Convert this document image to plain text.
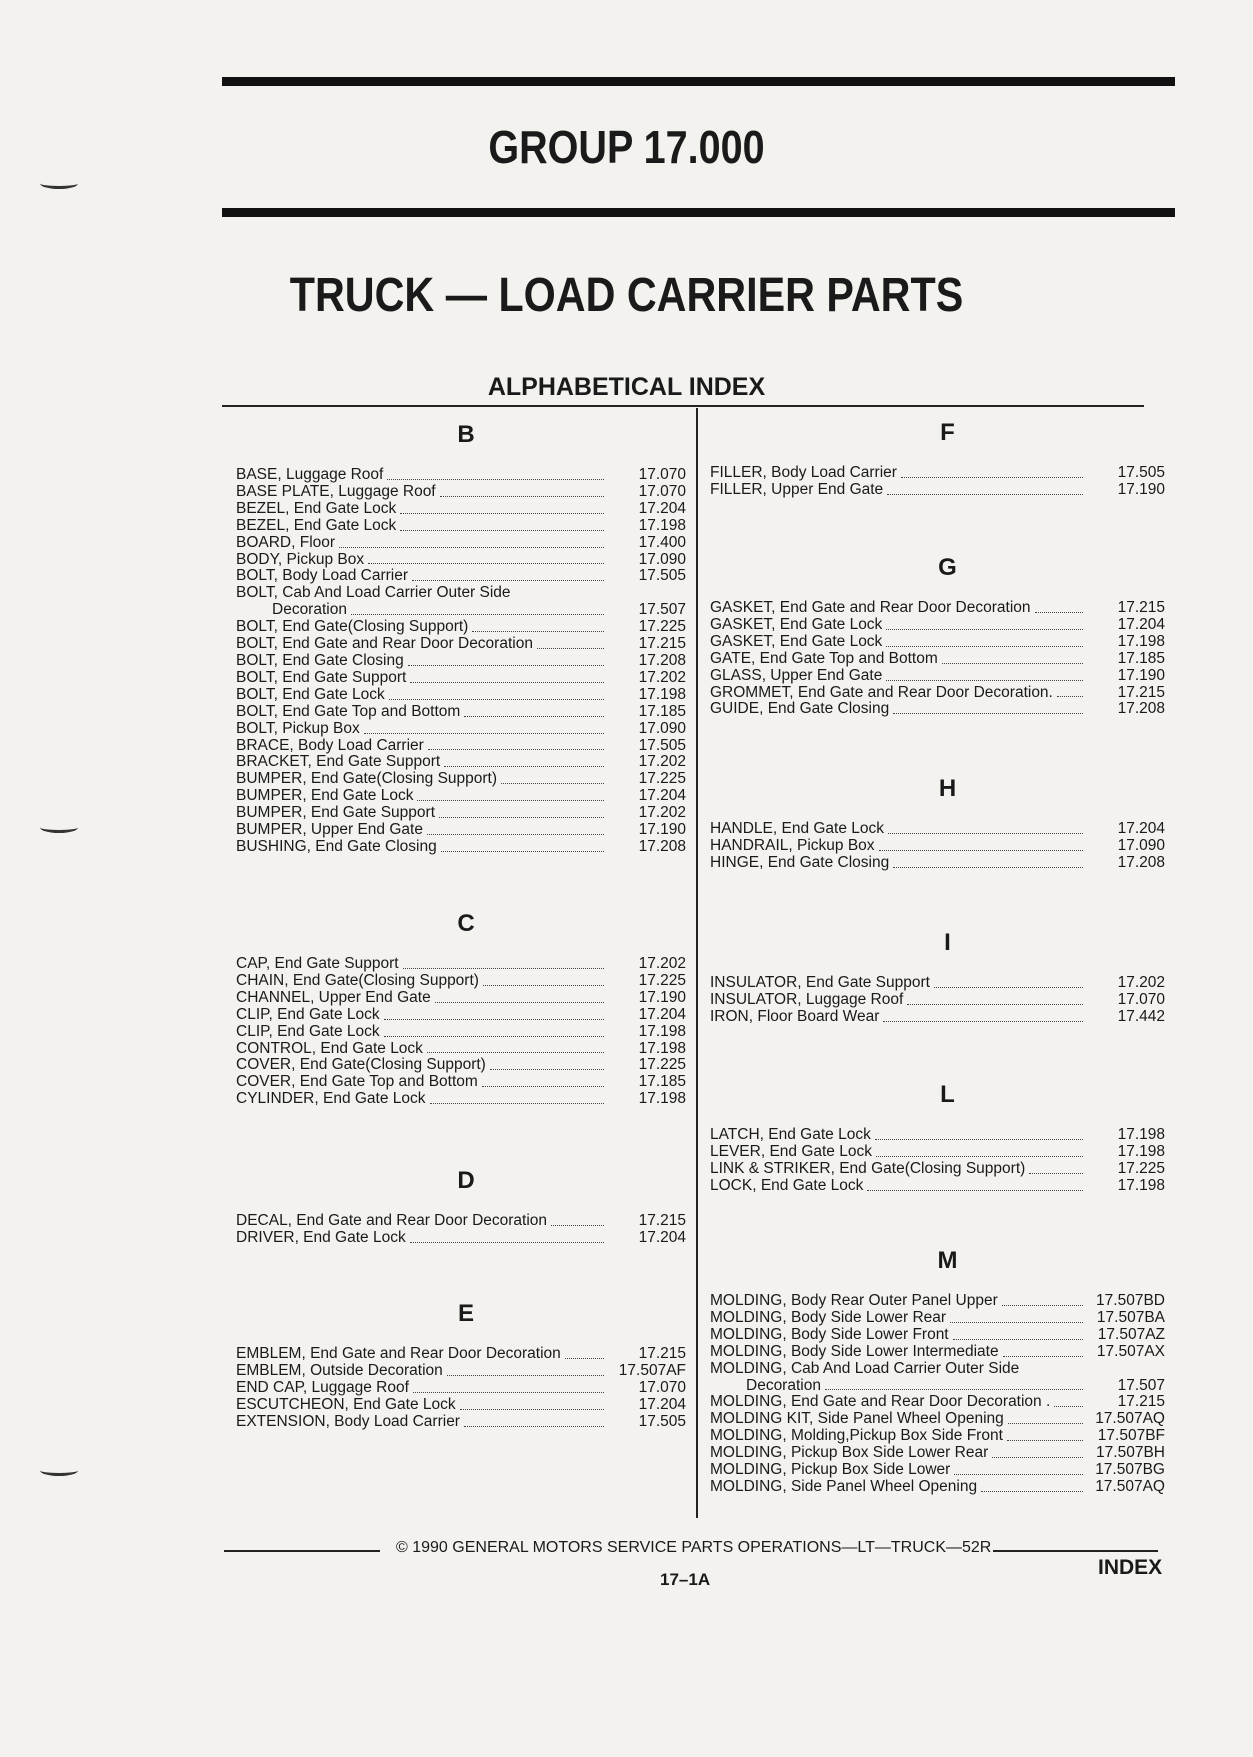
GROUP 17.000
TRUCK — LOAD CARRIER PARTS
ALPHABETICAL INDEX
B
BASE, Luggage Roof	17.070
BASE PLATE, Luggage Roof	17.070
BEZEL, End Gate Lock	17.204
BEZEL, End Gate Lock	17.198
BOARD, Floor	17.400
BODY, Pickup Box	17.090
BOLT, Body Load Carrier	17.505
BOLT, Cab And Load Carrier Outer Side
Decoration	17.507
BOLT, End Gate(Closing Support)	17.225
BOLT, End Gate and Rear Door Decoration	17.215
BOLT, End Gate Closing	17.208
BOLT, End Gate Support	17.202
BOLT, End Gate Lock	17.198
BOLT, End Gate Top and Bottom	17.185
BOLT, Pickup Box	17.090
BRACE, Body Load Carrier	17.505
BRACKET, End Gate Support	17.202
BUMPER, End Gate(Closing Support)	17.225
BUMPER, End Gate Lock	17.204
BUMPER, End Gate Support	17.202
BUMPER, Upper End Gate	17.190
BUSHING, End Gate Closing	17.208
C
CAP, End Gate Support	17.202
CHAIN, End Gate(Closing Support)	17.225
CHANNEL, Upper End Gate	17.190
CLIP, End Gate Lock	17.204
CLIP, End Gate Lock	17.198
CONTROL, End Gate Lock	17.198
COVER, End Gate(Closing Support)	17.225
COVER, End Gate Top and Bottom	17.185
CYLINDER, End Gate Lock	17.198
D
DECAL, End Gate and Rear Door Decoration	17.215
DRIVER, End Gate Lock	17.204
E
EMBLEM, End Gate and Rear Door Decoration	17.215
EMBLEM, Outside Decoration	17.507AF
END CAP, Luggage Roof	17.070
ESCUTCHEON, End Gate Lock	17.204
EXTENSION, Body Load Carrier	17.505
F
FILLER, Body Load Carrier	17.505
FILLER, Upper End Gate	17.190
G
GASKET, End Gate and Rear Door Decoration	17.215
GASKET, End Gate Lock	17.204
GASKET, End Gate Lock	17.198
GATE, End Gate Top and Bottom	17.185
GLASS, Upper End Gate	17.190
GROMMET, End Gate and Rear Door Decoration.	17.215
GUIDE, End Gate Closing	17.208
H
HANDLE, End Gate Lock	17.204
HANDRAIL, Pickup Box	17.090
HINGE, End Gate Closing	17.208
I
INSULATOR, End Gate Support	17.202
INSULATOR, Luggage Roof	17.070
IRON, Floor Board Wear	17.442
L
LATCH, End Gate Lock	17.198
LEVER, End Gate Lock	17.198
LINK & STRIKER, End Gate(Closing Support)	17.225
LOCK, End Gate Lock	17.198
M
MOLDING, Body Rear Outer Panel Upper	17.507BD
MOLDING, Body Side Lower Rear	17.507BA
MOLDING, Body Side Lower Front	17.507AZ
MOLDING, Body Side Lower Intermediate	17.507AX
MOLDING, Cab And Load Carrier Outer Side
Decoration	17.507
MOLDING, End Gate and Rear Door Decoration .	17.215
MOLDING KIT, Side Panel Wheel Opening	17.507AQ
MOLDING, Molding,Pickup Box Side Front	17.507BF
MOLDING, Pickup Box Side Lower Rear	17.507BH
MOLDING, Pickup Box Side Lower	17.507BG
MOLDING, Side Panel Wheel Opening	17.507AQ
© 1990 GENERAL MOTORS SERVICE PARTS OPERATIONS—LT—TRUCK—52R
17–1A
INDEX
